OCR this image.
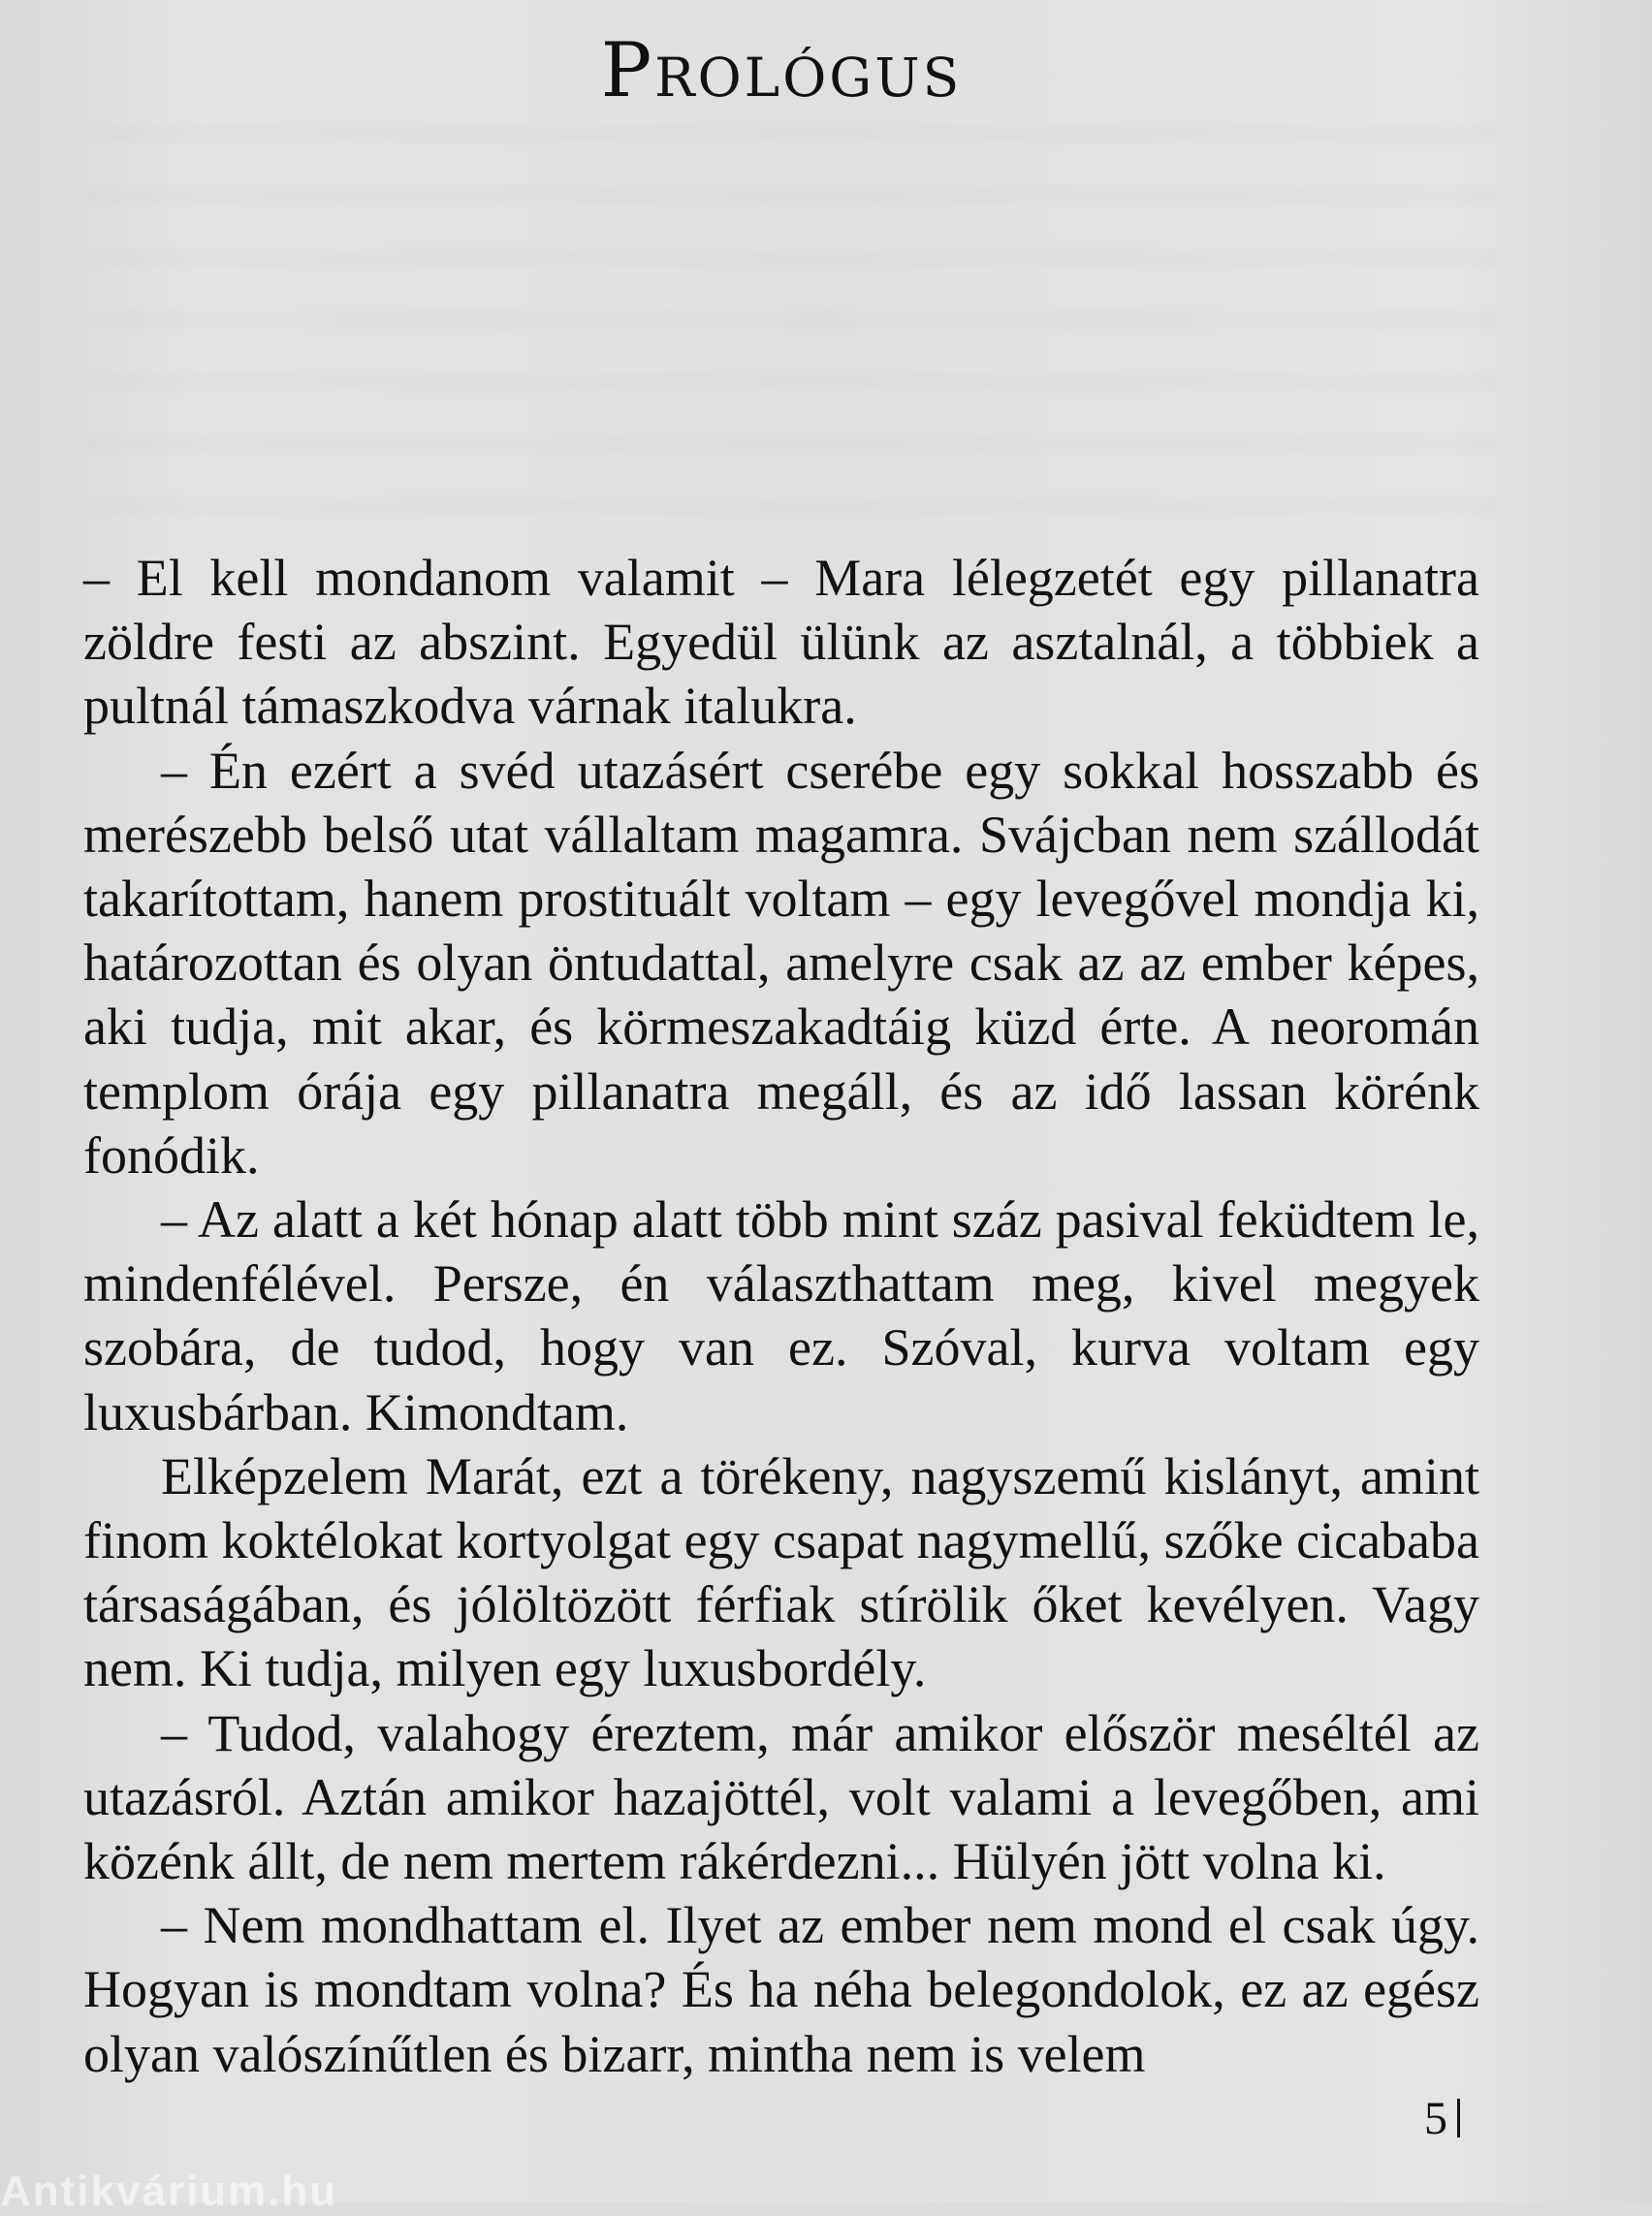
Prológus

– El kell mondanom valamit – Mara lélegzetét egy pillanatra zöldre festi az abszint. Egyedül ülünk az asztalnál, a többiek a pultnál támaszkodva várnak italukra.

– Én ezért a svéd utazásért cserébe egy sokkal hosszabb és merészebb belső utat vállaltam magamra. Svájcban nem szállodát takarítottam, hanem prostituált voltam – egy levegővel mondja ki, határozottan és olyan öntudattal, amelyre csak az az ember képes, aki tudja, mit akar, és körmeszakadtáig küzd érte. A neoromán templom órája egy pillanatra megáll, és az idő lassan körénk fonódik.

– Az alatt a két hónap alatt több mint száz pasival feküdtem le, mindenfélével. Persze, én választhattam meg, kivel megyek szobára, de tudod, hogy van ez. Szóval, kurva voltam egy luxusbárban. Kimondtam.

Elképzelem Marát, ezt a törékeny, nagyszemű kislányt, amint finom koktélokat kortyolgat egy csapat nagymellű, szőke cicababa társaságában, és jólöltözött férfiak stírölik őket kevélyen. Vagy nem. Ki tudja, milyen egy luxusbordély.

– Tudod, valahogy éreztem, már amikor először meséltél az utazásról. Aztán amikor hazajöttél, volt valami a levegőben, ami közénk állt, de nem mertem rákérdezni... Hülyén jött volna ki.

– Nem mondhattam el. Ilyet az ember nem mond el csak úgy. Hogyan is mondtam volna? És ha néha belegondolok, ez az egész olyan valószínűtlen és bizarr, mintha nem is velem

5
Antikvárium.hu
